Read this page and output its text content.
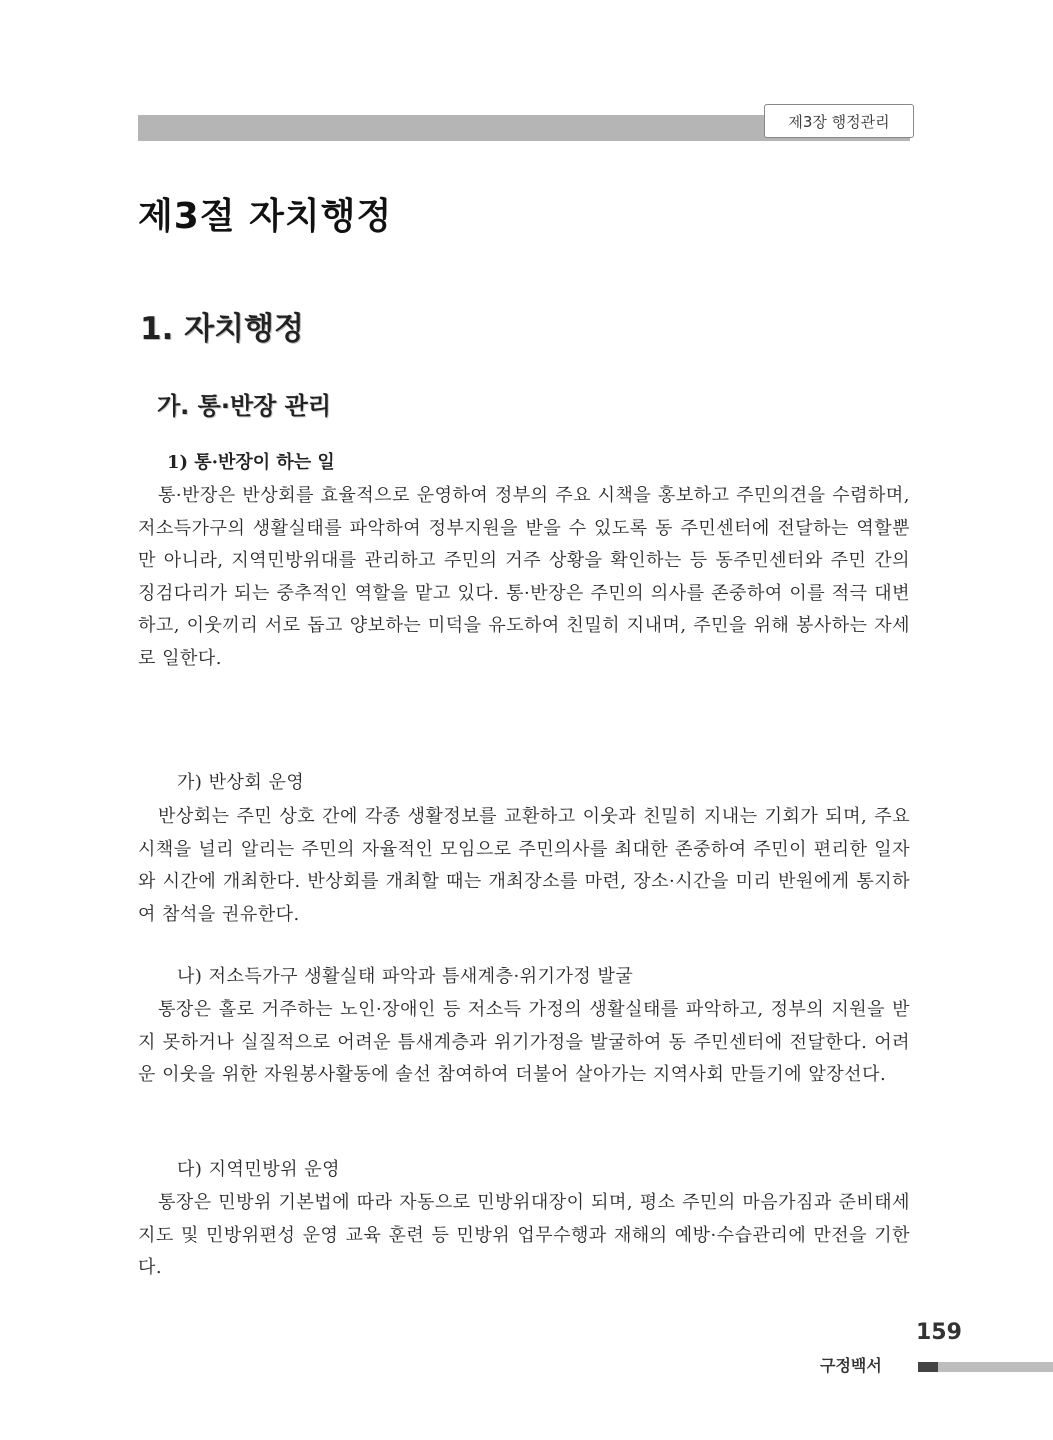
제3장 행정관리
제3절 자치행정
1. 자치행정
가. 통·반장 관리
1) 통·반장이 하는 일

통·반장은 반상회를 효율적으로 운영하여 정부의 주요 시책을 홍보하고 주민의견을 수렴하며, 저소득가구의 생활실태를 파악하여 정부지원을 받을 수 있도록 동 주민센터에 전달하는 역할뿐만 아니라, 지역민방위대를 관리하고 주민의 거주 상황을 확인하는 등 동주민센터와 주민 간의 징검다리가 되는 중추적인 역할을 맡고 있다. 통·반장은 주민의 의사를 존중하여 이를 적극 대변하고, 이웃끼리 서로 돕고 양보하는 미덕을 유도하여 친밀히 지내며, 주민을 위해 봉사하는 자세로 일한다.

가) 반상회 운영

반상회는 주민 상호 간에 각종 생활정보를 교환하고 이웃과 친밀히 지내는 기회가 되며, 주요 시책을 널리 알리는 주민의 자율적인 모임으로 주민의사를 최대한 존중하여 주민이 편리한 일자와 시간에 개최한다. 반상회를 개최할 때는 개최장소를 마련, 장소·시간을 미리 반원에게 통지하여 참석을 권유한다.

나) 저소득가구 생활실태 파악과 틈새계층·위기가정 발굴

통장은 홀로 거주하는 노인·장애인 등 저소득 가정의 생활실태를 파악하고, 정부의 지원을 받지 못하거나 실질적으로 어려운 틈새계층과 위기가정을 발굴하여 동 주민센터에 전달한다. 어려운 이웃을 위한 자원봉사활동에 솔선 참여하여 더불어 살아가는 지역사회 만들기에 앞장선다.

다) 지역민방위 운영

통장은 민방위 기본법에 따라 자동으로 민방위대장이 되며, 평소 주민의 마음가짐과 준비태세 지도 및 민방위편성 운영 교육 훈련 등 민방위 업무수행과 재해의 예방·수습관리에 만전을 기한다.

159
구정백서
